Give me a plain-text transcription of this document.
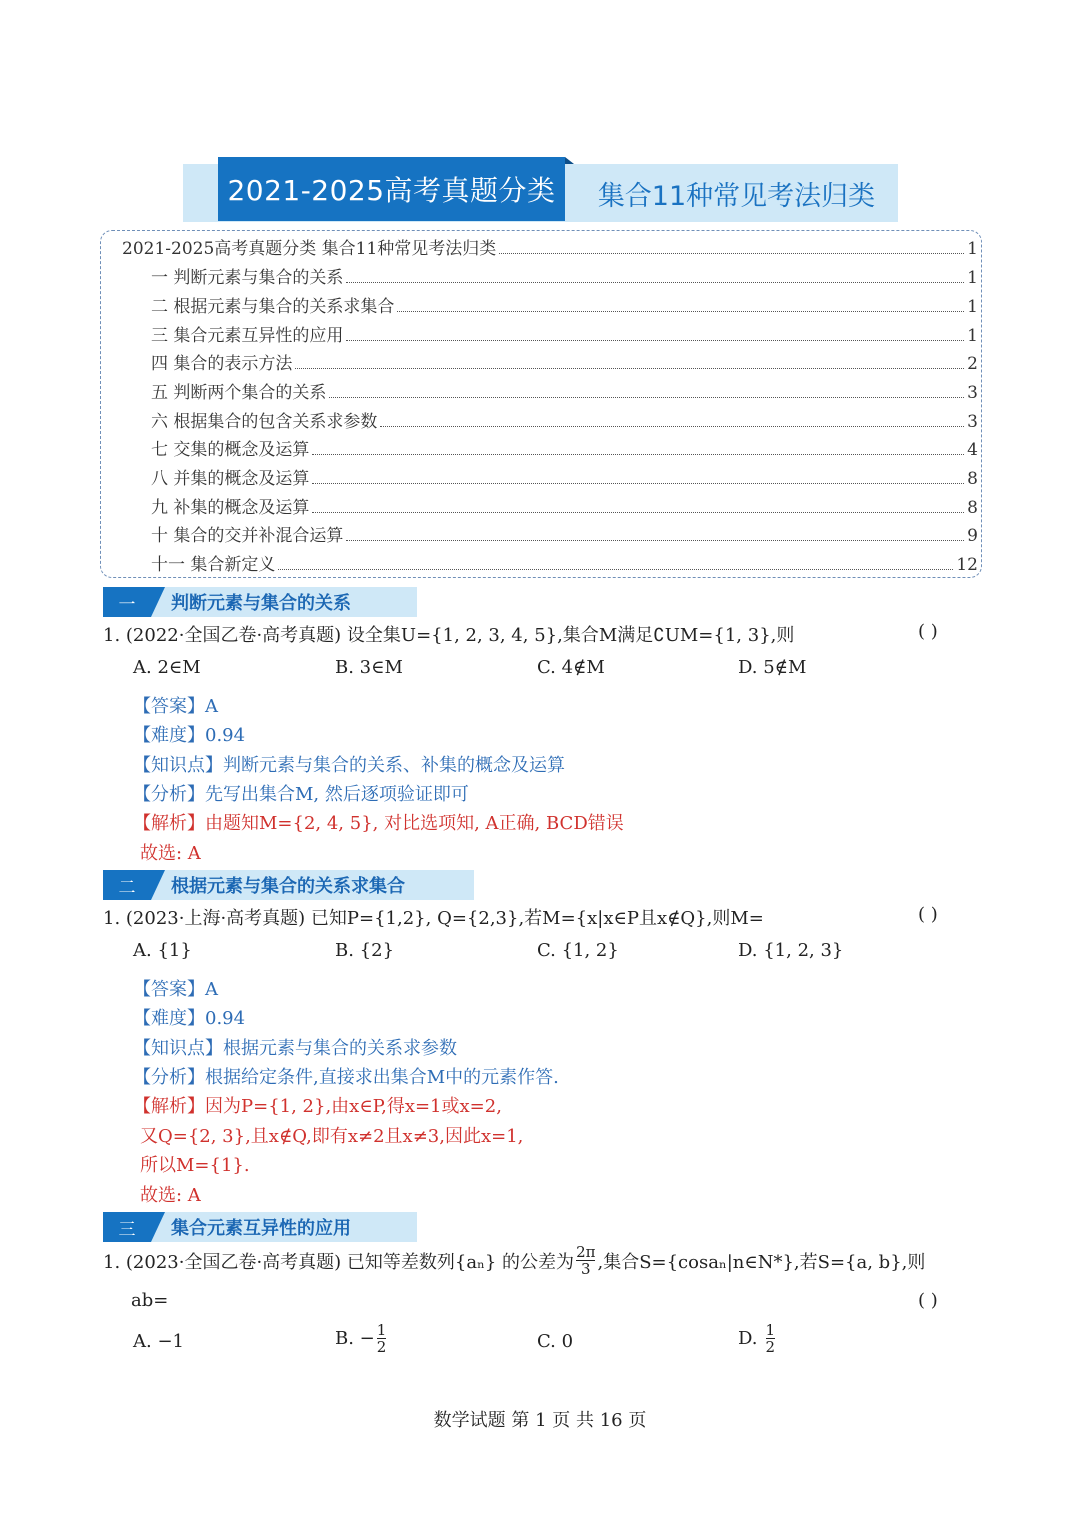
2021-2025高考真题分类	集合11种常见考法归类
2021-2025高考真题分类 集合11种常见考法归类	1
一 判断元素与集合的关系	1
二 根据元素与集合的关系求集合	1
三 集合元素互异性的应用	1
四 集合的表示方法	2
五 判断两个集合的关系	3
六 根据集合的包含关系求参数	3
七 交集的概念及运算	4
八 并集的概念及运算	8
九 补集的概念及运算	8
十 集合的交并补混合运算	9
十一 集合新定义	12
一	判断元素与集合的关系
1. (2022·全国乙卷·高考真题) 设全集U={1, 2, 3, 4, 5},集合M满足∁UM={1, 3},则	( )
A. 2∈M	B. 3∈M	C. 4∉M	D. 5∉M
【答案】A
【难度】0.94
【知识点】判断元素与集合的关系、补集的概念及运算
【分析】先写出集合M, 然后逐项验证即可
【解析】由题知M={2, 4, 5}, 对比选项知, A正确, BCD错误
故选: A
二	根据元素与集合的关系求集合
1. (2023·上海·高考真题) 已知P={1,2}, Q={2,3},若M={x|x∈P且x∉Q},则M=	( )
A. {1}	B. {2}	C. {1, 2}	D. {1, 2, 3}
【答案】A
【难度】0.94
【知识点】根据元素与集合的关系求参数
【分析】根据给定条件,直接求出集合M中的元素作答.
【解析】因为P={1, 2},由x∈P,得x=1或x=2,
又Q={2, 3},且x∉Q,即有x≠2且x≠3,因此x=1,
所以M={1}.
故选: A
三	集合元素互异性的应用
1. (2023·全国乙卷·高考真题) 已知等差数列{aₙ} 的公差为 $\frac{2\pi}{3}$ ,集合S={cosaₙ|n∈N*},若S={a, b},则
ab=	( )
A. −1	B. − $\frac{1}{2}$	C. 0	D. $\frac{1}{2}$
数学试题 第 1 页 共 16 页
